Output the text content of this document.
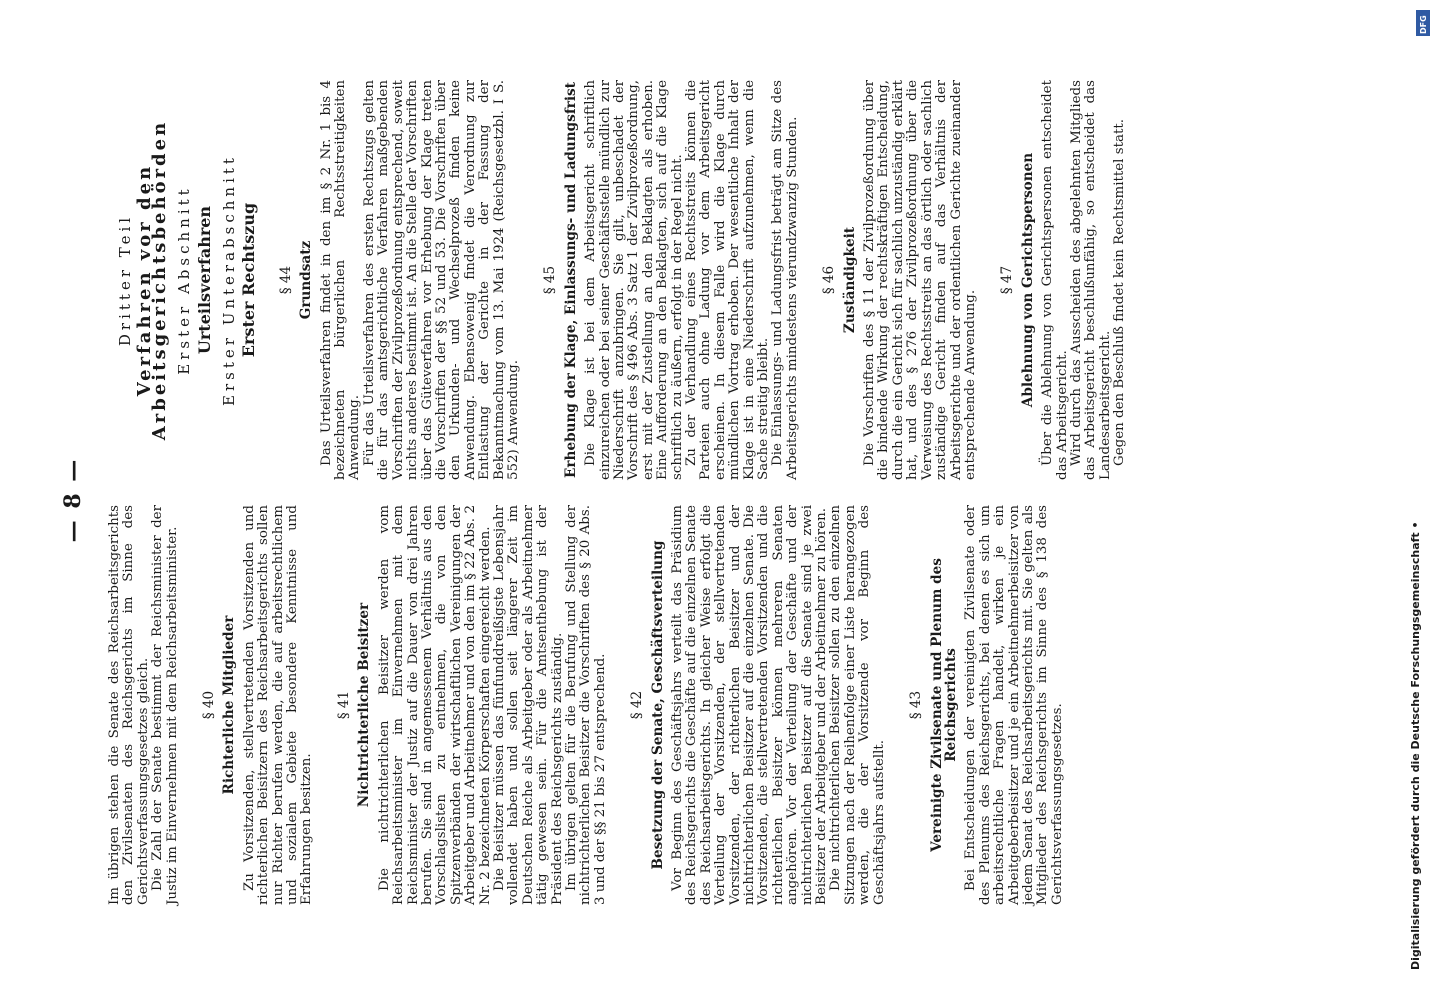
— 8 —

Im übrigen stehen die Senate des Reichsarbeitsgerichts den Zivilsenaten des Reichsgerichts im Sinne des Gerichtsverfassungsgesetzes gleich. Die Zahl der Senate bestimmt der Reichsminister der Justiz im Einvernehmen mit dem Reichsarbeitsminister. § 40 Richterliche Mitglieder Zu Vorsitzenden, stellvertretenden Vorsitzenden und richterlichen Beisitzern des Reichsarbeitsgerichts sollen nur Richter berufen werden, die auf arbeitsrechtlichem und sozialem Gebiete besondere Kenntnisse und Erfahrungen besitzen.

§ 41 Nichtrichterliche Beisitzer Die nichtrichterlichen Beisitzer werden vom Reichsarbeitsminister im Einvernehmen mit dem Reichsminister der Justiz auf die Dauer von drei Jahren berufen. Sie sind in angemessenem Verhältnis aus den Vorschlagslisten zu entnehmen, die von den Spitzenverbänden der wirtschaftlichen Vereinigungen der Arbeitgeber und Arbeitnehmer und von den im § 22 Abs. 2 Nr. 2 bezeichneten Körperschaften eingereicht werden. Die Beisitzer müssen das fünfunddreißigste Lebensjahr vollendet haben und sollen seit längerer Zeit im Deutschen Reiche als Arbeitgeber oder als Arbeitnehmer tätig gewesen sein. Für die Amtsenthebung ist der Präsident des Reichsgerichts zuständig. Im übrigen gelten für die Berufung und Stellung der nichtrichterlichen Beisitzer die Vorschriften des § 20 Abs. 3 und der §§ 21 bis 27 entsprechend. § 42 Besetzung der Senate, Geschäftsverteilung Vor Beginn des Geschäftsjahrs verteilt das Präsidium des Reichsgerichts die Geschäfte auf die einzelnen Senate des Reichsarbeitsgerichts. In gleicher Weise erfolgt die Verteilung der Vorsitzenden, der stellvertretenden Vorsitzenden, der richterlichen Beisitzer und der nichtrichterlichen Beisitzer auf die einzelnen Senate. Die Vorsitzenden, die stellvertretenden Vorsitzenden und die richterlichen Beisitzer können mehreren Senaten angehören. Vor der Verteilung der Geschäfte und der nichtrichterlichen Beisitzer auf die Senate sind je zwei Beisitzer der Arbeitgeber und der Arbeitnehmer zu hören. Die nichtrichterlichen Beisitzer sollen zu den einzelnen Sitzungen nach der Reihenfolge einer Liste herangezogen werden, die der Vorsitzende vor Beginn des Geschäftsjahrs aufstellt.

§ 43 Vereinigte Zivilsenate und Plenum des Reichsgerichts Bei Entscheidungen der vereinigten Zivilsenate oder des Plenums des Reichsgerichts, bei denen es sich um arbeitsrechtliche Fragen handelt, wirken je ein Arbeitgeberbeisitzer und je ein Arbeitnehmerbeisitzer von jedem Senat des Reichsarbeitsgerichts mit. Sie gelten als Mitglieder des Reichsgerichts im Sinne des § 138 des Gerichtsverfassungsgesetzes.

Dritter Teil Verfahren vor den Arbeitsgerichtsbehörden Erster Abschnitt Urteilsverfahren Erster Unterabschnitt Erster Rechtszug § 44 Grundsatz Das Urteilsverfahren findet in den im § 2 Nr. 1 bis 4 bezeichneten bürgerlichen Rechtsstreitigkeiten Anwendung. Für das Urteilsverfahren des ersten Rechtszugs gelten die für das amtsgerichtliche Verfahren maßgebenden Vorschriften der Zivilprozeßordnung entsprechend, soweit nichts anderes bestimmt ist. An die Stelle der Vorschriften über das Güteverfahren vor Erhebung der Klage treten die Vorschriften der §§ 52 und 53. Die Vorschriften über den Urkunden- und Wechselprozeß finden keine Anwendung. Ebensowenig findet die Verordnung zur Entlastung der Gerichte in der Fassung der Bekanntmachung vom 13. Mai 1924 (Reichsgesetzbl. I S. 552) Anwendung.

§ 45 Erhebung der Klage, Einlassungs- und Ladungsfrist Die Klage ist bei dem Arbeitsgericht schriftlich einzureichen oder bei seiner Geschäftsstelle mündlich zur Niederschrift anzubringen. Sie gilt, unbeschadet der Vorschrift des § 496 Abs. 3 Satz 1 der Zivilprozeßordnung, erst mit der Zustellung an den Beklagten als erhoben. Eine Aufforderung an den Beklagten, sich auf die Klage schriftlich zu äußern, erfolgt in der Regel nicht. Zu der Verhandlung eines Rechtsstreits können die Parteien auch ohne Ladung vor dem Arbeitsgericht erscheinen. In diesem Falle wird die Klage durch mündlichen Vortrag erhoben. Der wesentliche Inhalt der Klage ist in eine Niederschrift aufzunehmen, wenn die Sache streitig bleibt. Die Einlassungs- und Ladungsfrist beträgt am Sitze des Arbeitsgerichts mindestens vierundzwanzig Stunden. § 46 Zuständigkeit Die Vorschriften des § 11 der Zivilprozeßordnung über die bindende Wirkung der rechtskräftigen Entscheidung, durch die ein Gericht sich für sachlich unzuständig erklärt hat, und des § 276 der Zivilprozeßordnung über die Verweisung des Rechtsstreits an das örtlich oder sachlich zuständige Gericht finden auf das Verhältnis der Arbeitsgerichte und der ordentlichen Gerichte zueinander entsprechende Anwendung.

§ 47 Ablehnung von Gerichtspersonen Über die Ablehnung von Gerichtspersonen entscheidet das Arbeitsgericht. Wird durch das Ausscheiden des abgelehnten Mitglieds das Arbeitsgericht beschlußunfähig, so entscheidet das Landesarbeitsgericht. Gegen den Beschluß findet kein Rechtsmittel statt.

Digitalisierung gefördert durch die Deutsche Forschungsgemeinschaft •
DFG
